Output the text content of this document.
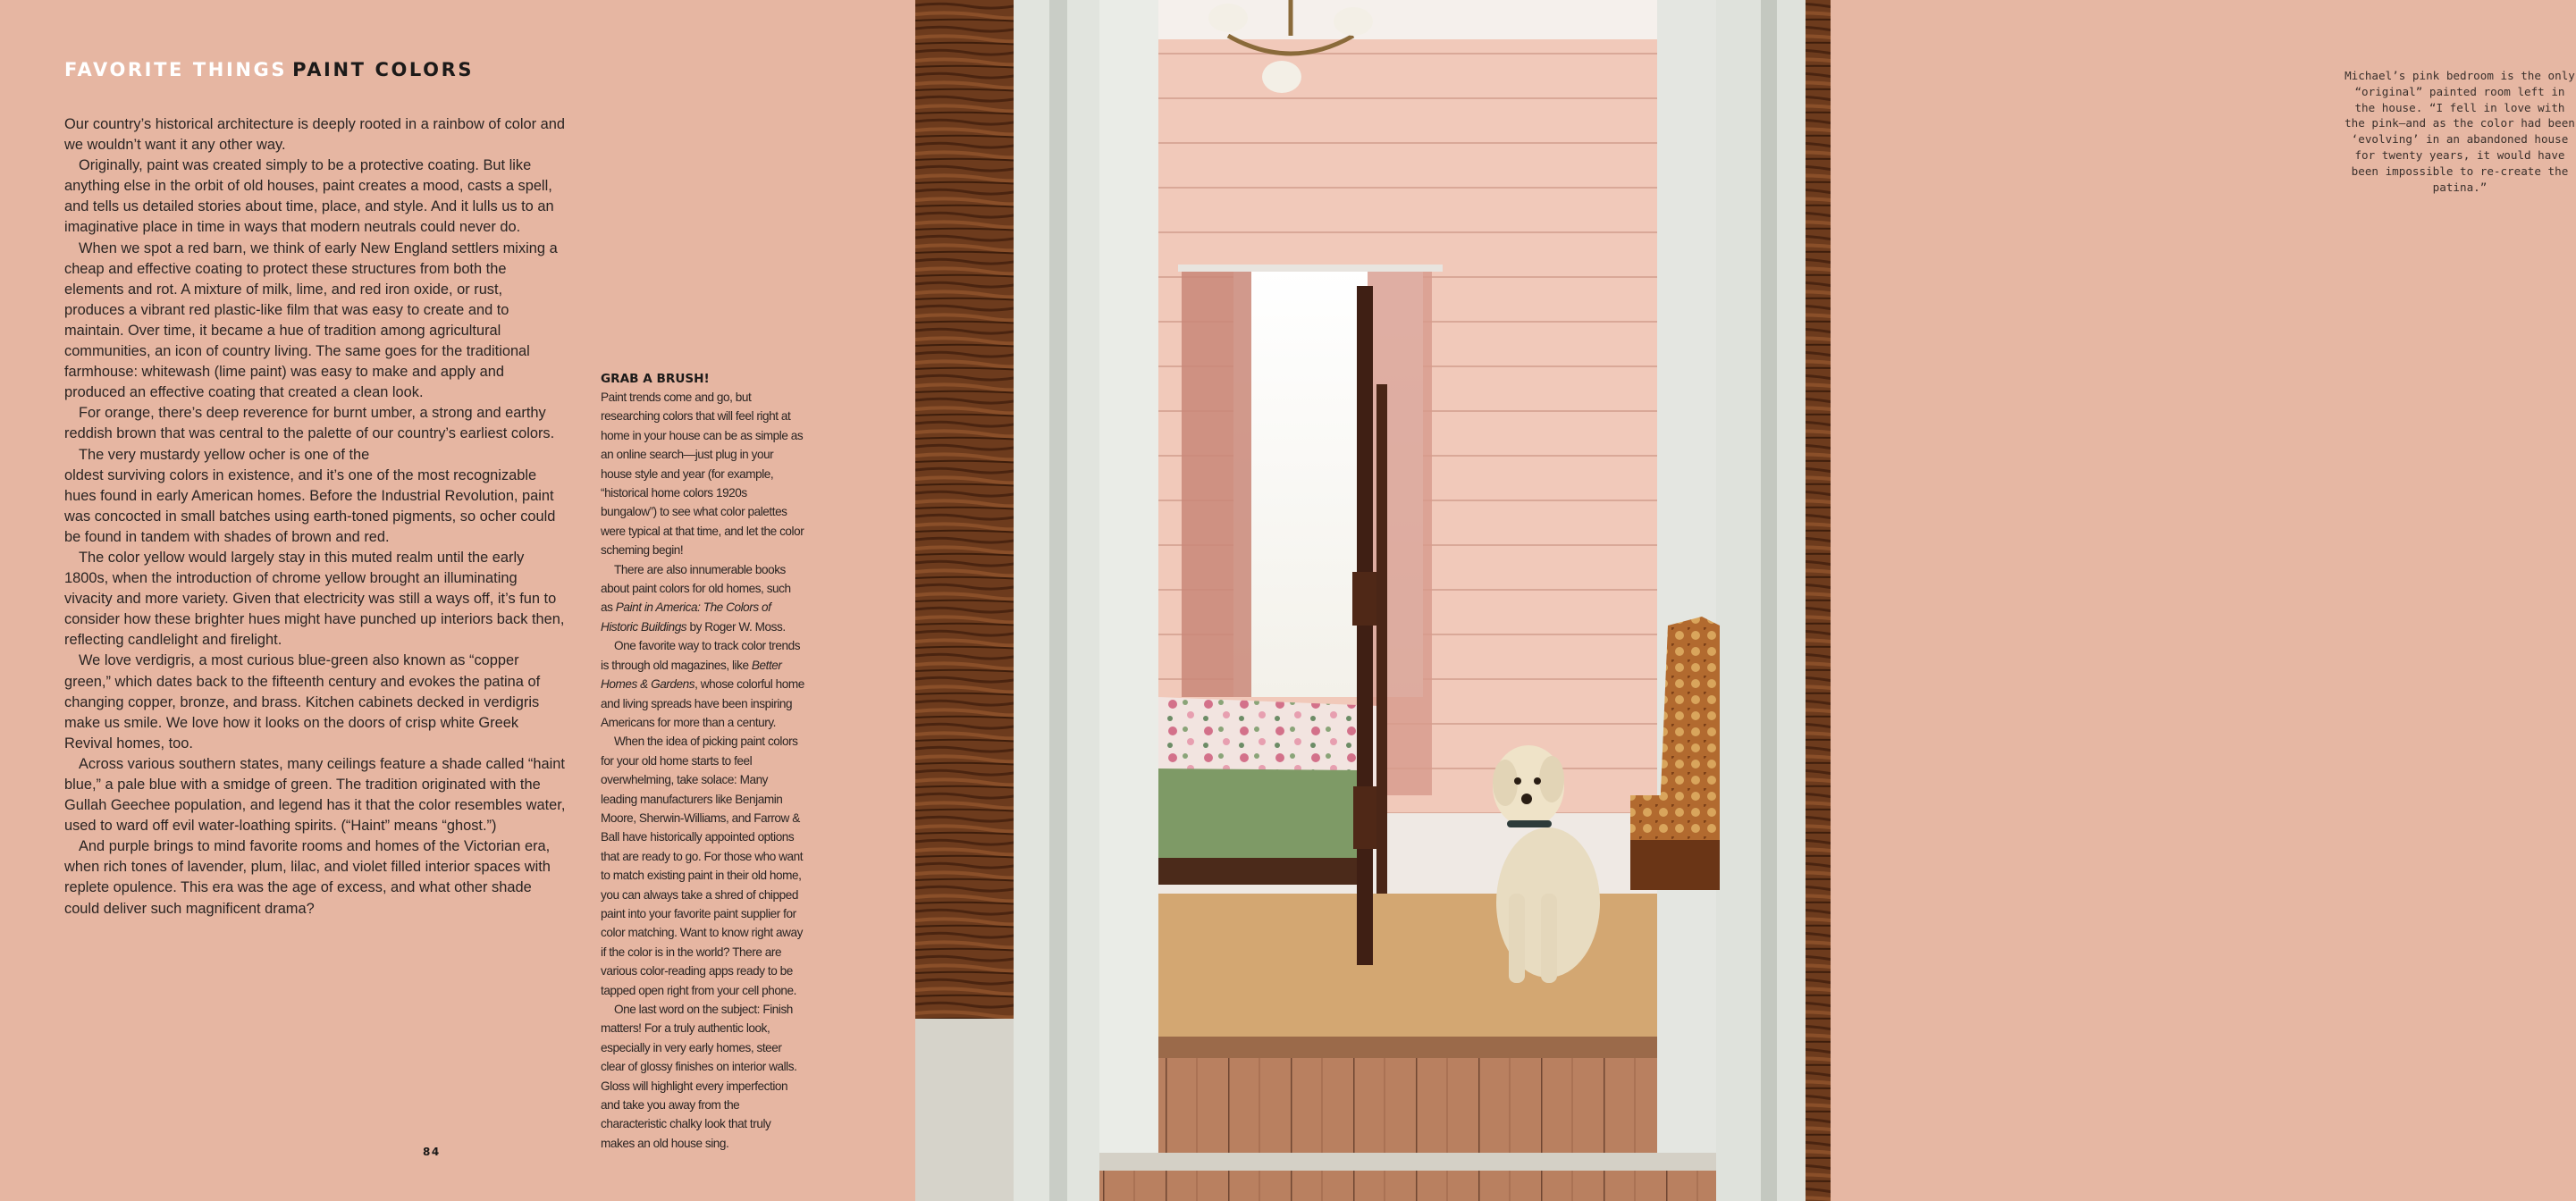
FAVORITE THINGS PAINT COLORS

Our country’s historical architecture is deeply rooted in a rainbow of color and we wouldn’t want it any other way.

Originally, paint was created simply to be a protective coating. But like anything else in the orbit of old houses, paint creates a mood, casts a spell, and tells us detailed stories about time, place, and style. And it lulls us to an imaginative place in time in ways that modern neutrals could never do.

When we spot a red barn, we think of early New England settlers mixing a cheap and effective coating to protect these structures from both the elements and rot. A mixture of milk, lime, and red iron oxide, or rust, produces a vibrant red plastic-like film that was easy to create and to maintain. Over time, it became a hue of tradition among agricultural communities, an icon of country living. The same goes for the traditional farmhouse: whitewash (lime paint) was easy to make and apply and produced an effective coating that created a clean look.

For orange, there’s deep reverence for burnt umber, a strong and earthy reddish brown that was central to the palette of our country’s earliest colors.

The very mustardy yellow ocher is one of the

oldest surviving colors in existence, and it’s one of the most recognizable hues found in early American homes. Before the Industrial Revolution, paint was concocted in small batches using earth-toned pigments, so ocher could be found in tandem with shades of brown and red.

The color yellow would largely stay in this muted realm until the early 1800s, when the introduction of chrome yellow brought an illuminating vivacity and more variety. Given that electricity was still a ways off, it’s fun to consider how these brighter hues might have punched up interiors back then, reflecting candlelight and firelight.

We love verdigris, a most curious blue-green also known as “copper green,” which dates back to the fifteenth century and evokes the patina of changing copper, bronze, and brass. Kitchen cabinets decked in verdigris make us smile. We love how it looks on the doors of crisp white Greek Revival homes, too.

Across various southern states, many ceilings feature a shade called “haint blue,” a pale blue with a smidge of green. The tradition originated with the Gullah Geechee population, and legend has it that the color resembles water, used to ward off evil water-loathing spirits. (“Haint” means “ghost.”)

And purple brings to mind favorite rooms and homes of the Victorian era, when rich tones of lavender, plum, lilac, and violet filled interior spaces with replete opulence. This era was the age of excess, and what other shade could deliver such magnificent drama?

GRAB A BRUSH!

Paint trends come and go, but researching colors that will feel right at home in your house can be as simple as an online search—just plug in your house style and year (for example, “historical home colors 1920s bungalow”) to see what color palettes were typical at that time, and let the color scheming begin!

There are also innumerable books about paint colors for old homes, such as Paint in America: The Colors of Historic Buildings by Roger W. Moss.

One favorite way to track color trends is through old magazines, like Better Homes & Gardens, whose colorful home and living spreads have been inspiring Americans for more than a century.

When the idea of picking paint colors for your old home starts to feel overwhelming, take solace: Many leading manufacturers like Benjamin Moore, Sherwin-Williams, and Farrow & Ball have historically appointed options that are ready to go. For those who want to match existing paint in their old home, you can always take a shred of chipped paint into your favorite paint supplier for color matching. Want to know right away if the color is in the world? There are various color-reading apps ready to be tapped open right from your cell phone.

One last word on the subject: Finish matters! For a truly authentic look, especially in very early homes, steer clear of glossy finishes on interior walls. Gloss will highlight every imperfection and take you away from the characteristic chalky look that truly makes an old house sing.

84
Michael’s pink bedroom is the only “original” painted room left in the house. “I fell in love with the pink—and as the color had been ‘evolving’ in an abandoned house for twenty years, it would have been impossible to re-create the patina.”
